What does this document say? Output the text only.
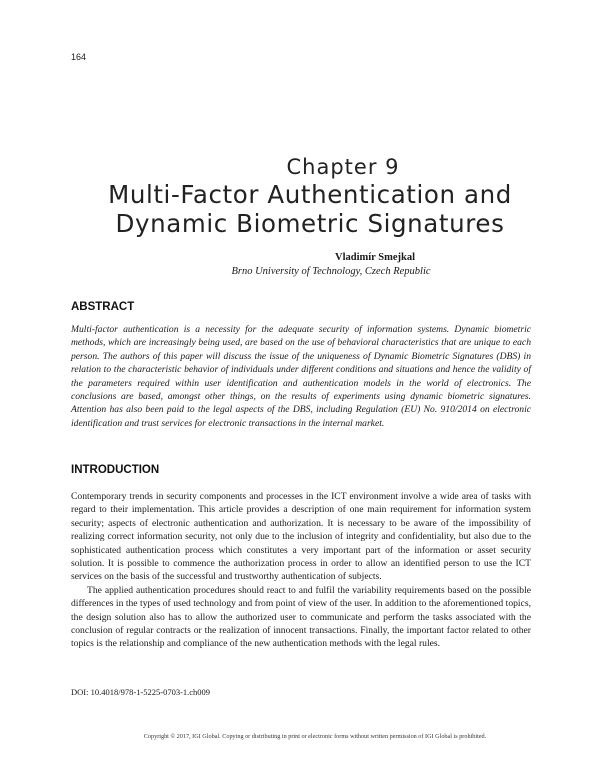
164
Chapter 9
Multi-Factor Authentication and
Dynamic Biometric Signatures
Vladimír Smejkal
Brno University of Technology, Czech Republic
ABSTRACT

Multi-factor authentication is a necessity for the adequate security of information systems. Dynamic biometric methods, which are increasingly being used, are based on the use of behavioral characteristics that are unique to each person. The authors of this paper will discuss the issue of the uniqueness of Dynamic Biometric Signatures (DBS) in relation to the characteristic behavior of individuals under different conditions and situations and hence the validity of the parameters required within user identification and authentication models in the world of electronics. The conclusions are based, amongst other things, on the results of experiments using dynamic biometric signatures. Attention has also been paid to the legal aspects of the DBS, including Regulation (EU) No. 910/2014 on electronic identification and trust services for electronic transactions in the internal market.

INTRODUCTION

Contemporary trends in security components and processes in the ICT environment involve a wide area of tasks with regard to their implementation. This article provides a description of one main requirement for information system security; aspects of electronic authentication and authorization. It is necessary to be aware of the impossibility of realizing correct information security, not only due to the inclusion of integrity and confidentiality, but also due to the sophisticated authentication process which constitutes a very important part of the information or asset security solution. It is possible to commence the authorization process in order to allow an identified person to use the ICT services on the basis of the successful and trustworthy authentication of subjects.

The applied authentication procedures should react to and fulfil the variability requirements based on the possible differences in the types of used technology and from point of view of the user. In addition to the aforementioned topics, the design solution also has to allow the authorized user to communicate and perform the tasks associated with the conclusion of regular contracts or the realization of innocent transactions. Finally, the important factor related to other topics is the relationship and compliance of the new authentication methods with the legal rules.

DOI: 10.4018/978-1-5225-0703-1.ch009
Copyright © 2017, IGI Global. Copying or distributing in print or electronic forms without written permission of IGI Global is prohibited.
